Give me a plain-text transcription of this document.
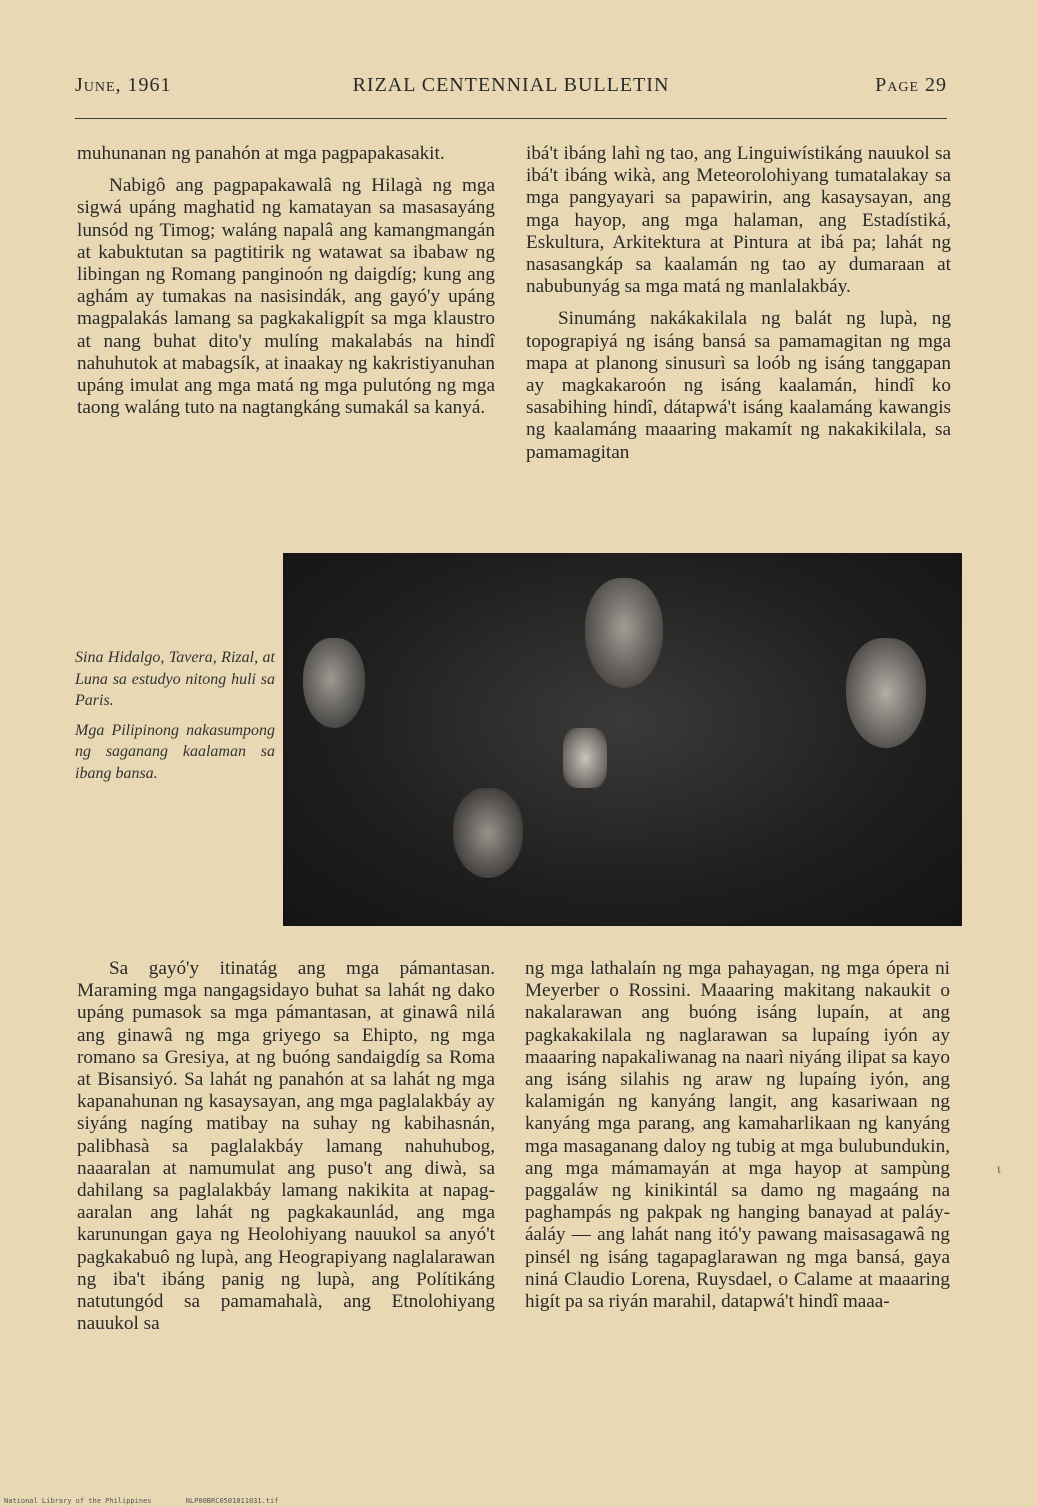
June, 1961	RIZAL CENTENNIAL BULLETIN	Page 29

muhunanan ng panahón at mga pagpapakasakit.

Nabigô ang pagpapakawalâ ng Hilagà ng mga sigwá upáng maghatid ng kamatayan sa masasayáng lunsód ng Timog; waláng napalâ ang kamangmangán at kabuktutan sa pagtitirik ng watawat sa ibabaw ng libingan ng Romang panginoón ng daigdíg; kung ang aghám ay tumakas na nasisindák, ang gayó'y upáng magpalakás lamang sa pagkakaligpít sa mga klaustro at nang buhat dito'y mulíng makalabás na hindî nahuhutok at mabagsík, at inaakay ng kakristiyanuhan upáng imulat ang mga matá ng mga pulutóng ng mga taong waláng tuto na nagtangkáng sumakál sa kanyá.

ibá't ibáng lahì ng tao, ang Linguiwístikáng nauukol sa ibá't ibáng wikà, ang Meteorolohiyang tumatalakay sa mga pangyayari sa papawirin, ang kasaysayan, ang mga hayop, ang mga halaman, ang Estadístiká, Eskultura, Arkitektura at Pintura at ibá pa; lahát ng nasasangkáp sa kaalamán ng tao ay dumaraan at nabubunyág sa mga matá ng manlalakbáy.

Sinumáng nakákakilala ng balát ng lupà, ng topograpiyá ng isáng bansá sa pamamagitan ng mga mapa at planong sinusurì sa loób ng isáng tanggapan ay magkakaroón ng isáng kaalamán, hindî ko sasabihing hindî, dátapwá't isáng kaalamáng kawangis ng kaalamáng maaaring makamít ng nakakikilala, sa pamamagitan

Sina Hidalgo, Tavera, Rizal, at Luna sa estudyo nitong huli sa Paris.

Mga Pilipinong nakasumpong ng saganang kaalaman sa ibang bansa.

Sa gayó'y itinatág ang mga pámantasan. Maraming mga nangagsidayo buhat sa lahát ng dako upáng pumasok sa mga pámantasan, at ginawâ nilá ang ginawâ ng mga griyego sa Ehipto, ng mga romano sa Gresiya, at ng buóng sandaigdíg sa Roma at Bisansiyó. Sa lahát ng panahón at sa lahát ng mga kapanahunan ng kasaysayan, ang mga paglalakbáy ay siyáng nagíng matibay na suhay ng kabihasnán, palibhasà sa paglalakbáy lamang nahuhubog, naaaralan at namumulat ang puso't ang diwà, sa dahilang sa paglalakbáy lamang nakikita at napag-aaralan ang lahát ng pagkakaunlád, ang mga karunungan gaya ng Heolohiyang nauukol sa anyó't pagkakabuô ng lupà, ang Heograpiyang naglalarawan ng iba't ibáng panig ng lupà, ang Polítikáng natutungód sa pamamahalà, ang Etnolohiyang nauukol sa

ng mga lathalaín ng mga pahayagan, ng mga ópera ni Meyerber o Rossini. Maaaring makitang nakaukit o nakalarawan ang buóng isáng lupaín, at ang pagkakakilala ng naglarawan sa lupaíng iyón ay maaaring napakaliwanag na naarì niyáng ilipat sa kayo ang isáng silahis ng araw ng lupaíng iyón, ang kalamigán ng kanyáng langit, ang kasariwaan ng kanyáng mga parang, ang kamaharlikaan ng kanyáng mga masaganang daloy ng tubig at mga bulubundukin, ang mga mámamayán at mga hayop at sampùng paggaláw ng kinikintál sa damo ng magaáng na paghampás ng pakpak ng hanging banayad at paláy-áaláy — ang lahát nang itó'y pawang maisasagawâ ng pinsél ng isáng tagapaglarawan ng mga bansá, gaya niná Claudio Lorena, Ruysdael, o Calame at maaaring higít pa sa riyán marahil, datapwá't hindî maaa-

ι
National Library of the Philippines	NLP00BRC0501011031.tif
